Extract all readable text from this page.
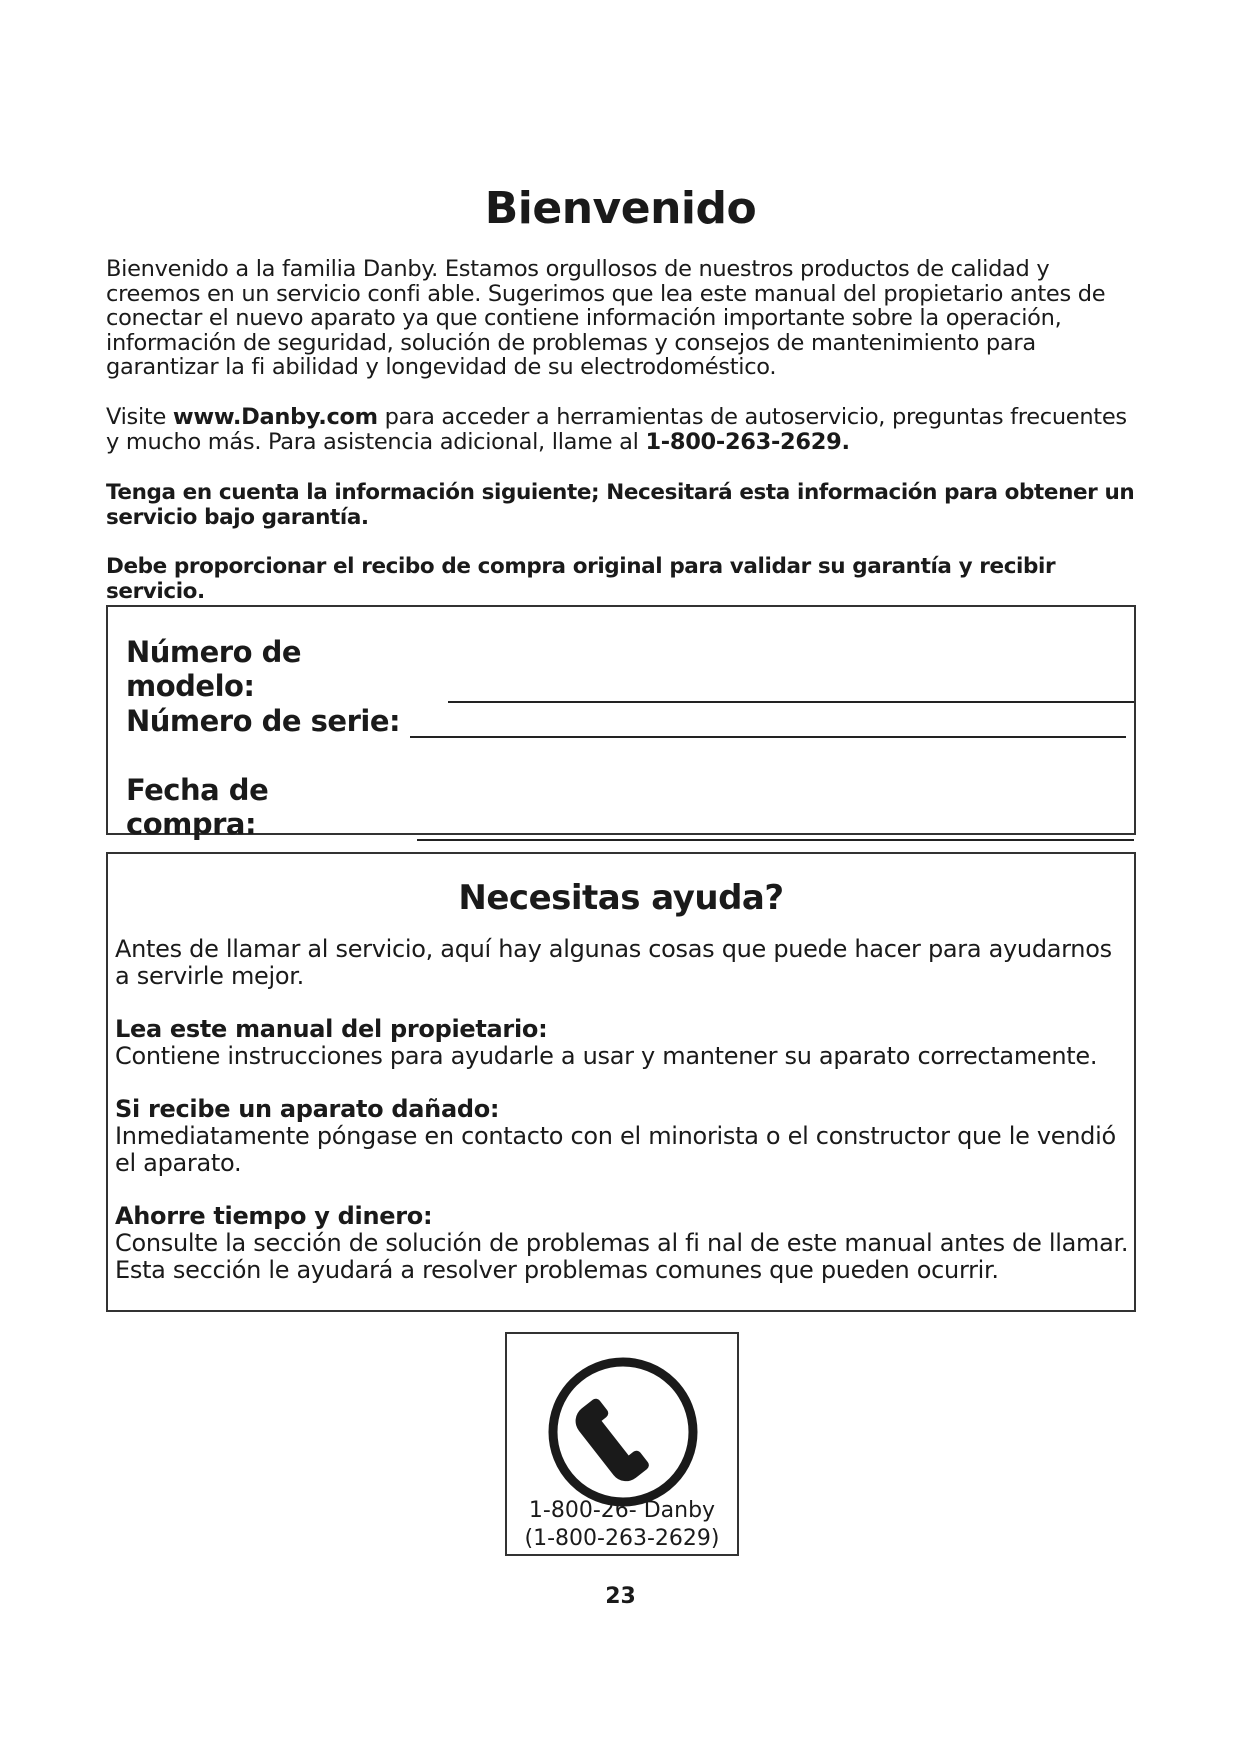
Bienvenido

Bienvenido a la familia Danby. Estamos orgullosos de nuestros productos de calidad y creemos en un servicio confi able. Sugerimos que lea este manual del propietario antes de conectar el nuevo aparato ya que contiene información importante sobre la operación, información de seguridad, solución de problemas y consejos de mantenimiento para garantizar la fi abilidad y longevidad de su electrodoméstico.

Visite www.Danby.com para acceder a herramientas de autoservicio, preguntas frecuentes y mucho más. Para asistencia adicional, llame al 1-800-263-2629.

Tenga en cuenta la información siguiente; Necesitará esta información para obtener un servicio bajo garantía.

Debe proporcionar el recibo de compra original para validar su garantía y recibir servicio.

Número de modelo:
Número de serie:
Fecha de compra:
Necesitas ayuda?

Antes de llamar al servicio, aquí hay algunas cosas que puede hacer para ayudarnos a servirle mejor.

Lea este manual del propietario:
Contiene instrucciones para ayudarle a usar y mantener su aparato correctamente.

Si recibe un aparato dañado:
Inmediatamente póngase en contacto con el minorista o el constructor que le vendió el aparato.

Ahorre tiempo y dinero:
Consulte la sección de solución de problemas al fi nal de este manual antes de llamar. Esta sección le ayudará a resolver problemas comunes que pueden ocurrir.

1-800-26- Danby
(1-800-263-2629)
23
